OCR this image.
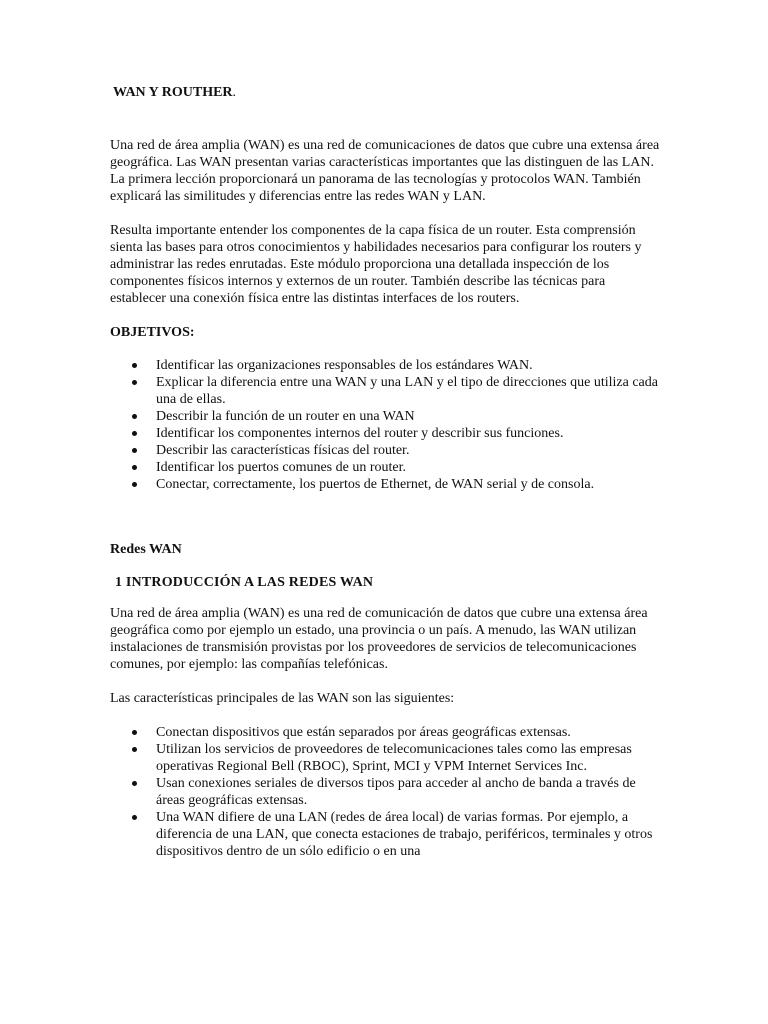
WAN Y ROUTHER.

Una red de área amplia (WAN) es una red de comunicaciones de datos que cubre una extensa área geográfica. Las WAN presentan varias características importantes que las distinguen de las LAN. La primera lección proporcionará un panorama de las tecnologías y protocolos WAN. También explicará las similitudes y diferencias entre las redes WAN y LAN.

Resulta importante entender los componentes de la capa física de un router. Esta comprensión sienta las bases para otros conocimientos y habilidades necesarios para configurar los routers y administrar las redes enrutadas. Este módulo proporciona una detallada inspección de los componentes físicos internos y externos de un router. También describe las técnicas para establecer una conexión física entre las distintas interfaces de los routers.

OBJETIVOS:
Identificar las organizaciones responsables de los estándares WAN.
Explicar la diferencia entre una WAN y una LAN y el tipo de direcciones que utiliza cada una de ellas.
Describir la función de un router en una WAN
Identificar los componentes internos del router y describir sus funciones.
Describir las características físicas del router.
Identificar los puertos comunes de un router.
Conectar, correctamente, los puertos de Ethernet, de WAN serial y de consola.
Redes WAN
1 INTRODUCCIÓN A LAS REDES WAN

Una red de área amplia (WAN) es una red de comunicación de datos que cubre una extensa área geográfica como por ejemplo un estado, una provincia o un país. A menudo, las WAN utilizan instalaciones de transmisión provistas por los proveedores de servicios de telecomunicaciones comunes, por ejemplo: las compañías telefónicas.

Las características principales de las WAN son las siguientes:

Conectan dispositivos que están separados por áreas geográficas extensas.
Utilizan los servicios de proveedores de telecomunicaciones tales como las empresas operativas Regional Bell (RBOC), Sprint, MCI y VPM Internet Services Inc.
Usan conexiones seriales de diversos tipos para acceder al ancho de banda a través de áreas geográficas extensas.
Una WAN difiere de una LAN (redes de área local) de varias formas. Por ejemplo, a diferencia de una LAN, que conecta estaciones de trabajo, periféricos, terminales y otros dispositivos dentro de un sólo edificio o en una
